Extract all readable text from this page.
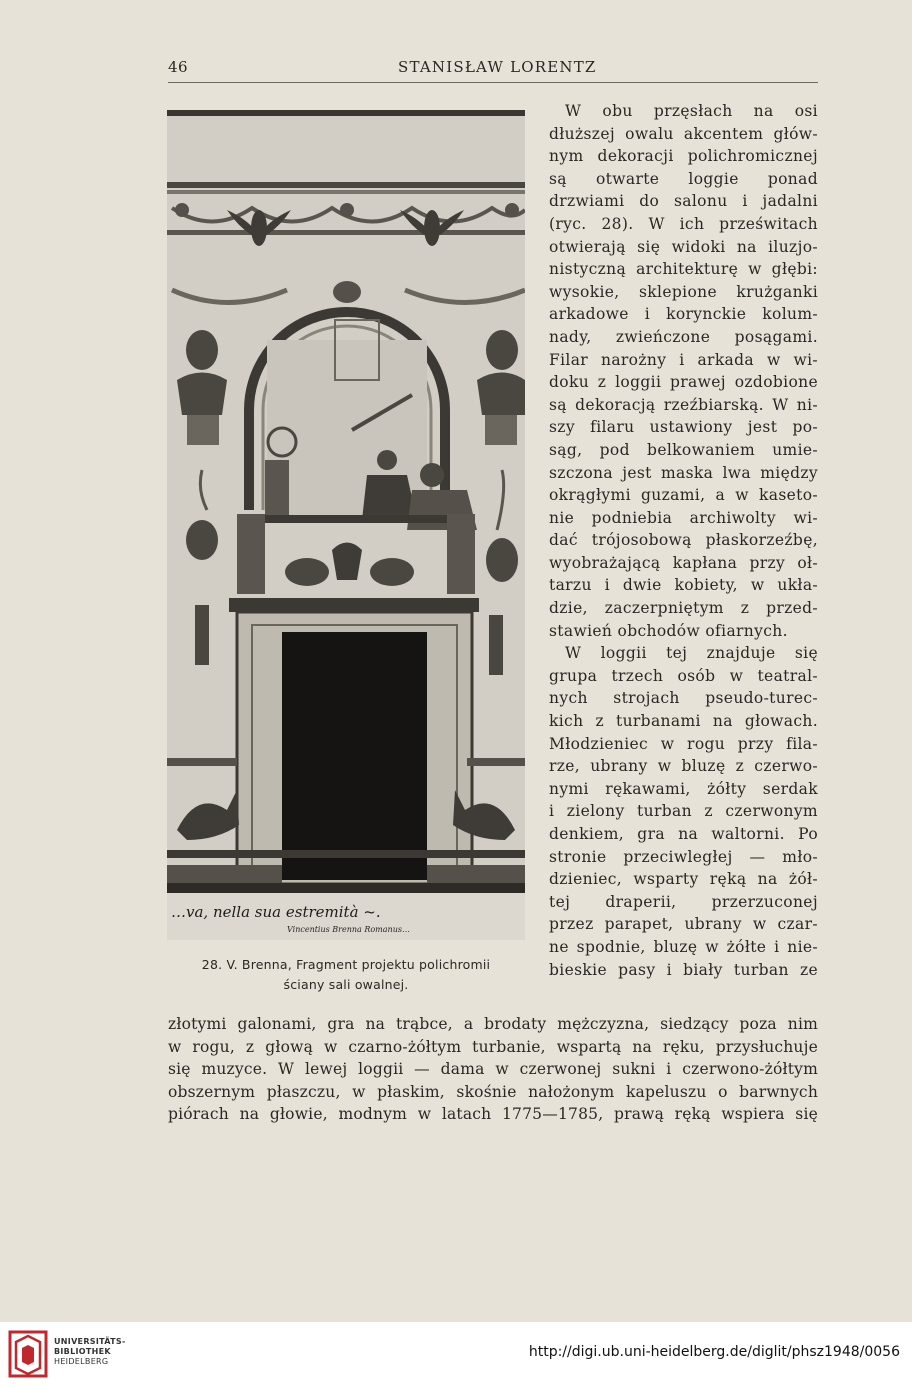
46	STANISŁAW LORENTZ
…va, nella sua estremità ~.
Vincentius Brenna Romanus…
28. V. Brenna, Fragment projektu polichromii
ściany sali owalnej.
W obu przęsłach na osi
dłuższej owalu akcentem głów-
nym dekoracji polichromicznej
są otwarte loggie ponad
drzwiami do salonu i jadalni
(ryc. 28). W ich prześwitach
otwierają się widoki na iluzjo-
nistyczną architekturę w głębi:
wysokie, sklepione krużganki
arkadowe i korynckie kolum-
nady, zwieńczone posągami.
Filar narożny i arkada w wi-
doku z loggii prawej ozdobione
są dekoracją rzeźbiarską. W ni-
szy filaru ustawiony jest po-
sąg, pod belkowaniem umie-
szczona jest maska lwa między
okrągłymi guzami, a w kaseto-
nie podniebia archiwolty wi-
dać trójosobową płaskorzeźbę,
wyobrażającą kapłana przy oł-
tarzu i dwie kobiety, w ukła-
dzie, zaczerpniętym z przed-
stawień obchodów ofiarnych.
W loggii tej znajduje się
grupa trzech osób w teatral-
nych strojach pseudo-turec-
kich z turbanami na głowach.
Młodzieniec w rogu przy fila-
rze, ubrany w bluzę z czerwo-
nymi rękawami, żółty serdak
i zielony turban z czerwonym
denkiem, gra na waltorni. Po
stronie przeciwległej — mło-
dzieniec, wsparty ręką na żół-
tej draperii, przerzuconej
przez parapet, ubrany w czar-
ne spodnie, bluzę w żółte i nie-
bieskie pasy i biały turban ze
złotymi galonami, gra na trąbce, a brodaty mężczyzna, siedzący poza nim
w rogu, z głową w czarno-żółtym turbanie, wspartą na ręku, przysłuchuje
się muzyce. W lewej loggii — dama w czerwonej sukni i czerwono-żółtym
obszernym płaszczu, w płaskim, skośnie nałożonym kapeluszu o barwnych
piórach na głowie, modnym w latach 1775—1785, prawą ręką wspiera się
UNIVERSITÄTS-
BIBLIOTHEK
HEIDELBERG
http://digi.ub.uni-heidelberg.de/diglit/phsz1948/0056
